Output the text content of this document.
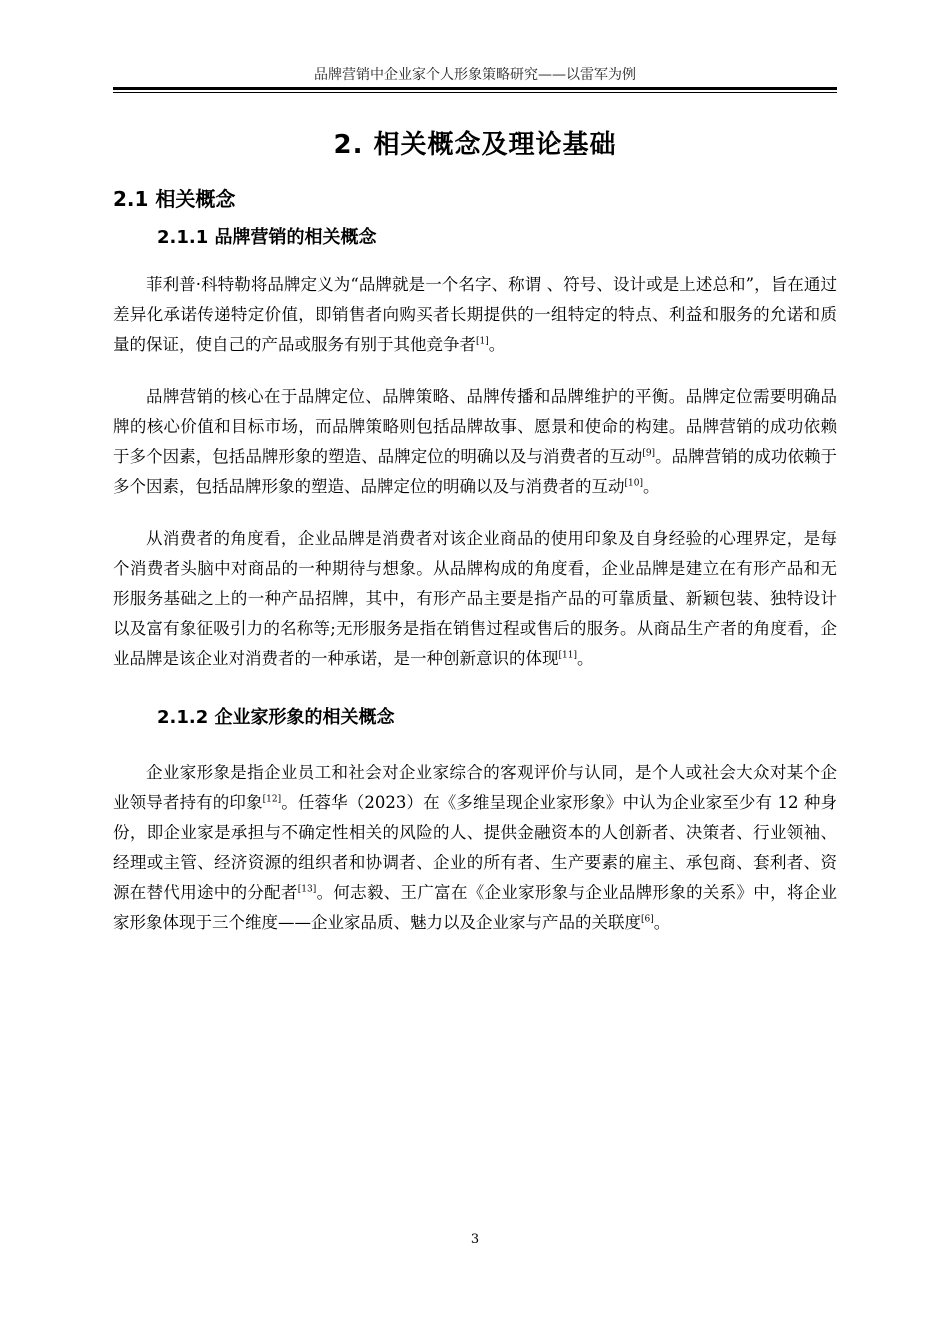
品牌营销中企业家个人形象策略研究——以雷军为例
2. 相关概念及理论基础
2.1 相关概念
2.1.1 品牌营销的相关概念

菲利普·科特勒将品牌定义为“品牌就是一个名字、称谓 、符号、设计或是上述总和”，旨在通过差异化承诺传递特定价值，即销售者向购买者长期提供的一组特定的特点、利益和服务的允诺和质量的保证，使自己的产品或服务有别于其他竞争者[1]。

品牌营销的核心在于品牌定位、品牌策略、品牌传播和品牌维护的平衡。品牌定位需要明确品牌的核心价值和目标市场，而品牌策略则包括品牌故事、愿景和使命的构建。品牌营销的成功依赖于多个因素，包括品牌形象的塑造、品牌定位的明确以及与消费者的互动[9]。品牌营销的成功依赖于多个因素，包括品牌形象的塑造、品牌定位的明确以及与消费者的互动[10]。

从消费者的角度看，企业品牌是消费者对该企业商品的使用印象及自身经验的心理界定，是每个消费者头脑中对商品的一种期待与想象。从品牌构成的角度看，企业品牌是建立在有形产品和无形服务基础之上的一种产品招牌，其中，有形产品主要是指产品的可靠质量、新颖包装、独特设计以及富有象征吸引力的名称等;无形服务是指在销售过程或售后的服务。从商品生产者的角度看，企业品牌是该企业对消费者的一种承诺，是一种创新意识的体现[11]。

2.1.2 企业家形象的相关概念

企业家形象是指企业员工和社会对企业家综合的客观评价与认同，是个人或社会大众对某个企业领导者持有的印象[12]。任蓉华（2023）在《多维呈现企业家形象》中认为企业家至少有 12 种身份，即企业家是承担与不确定性相关的风险的人、提供金融资本的人创新者、决策者、行业领袖、经理或主管、经济资源的组织者和协调者、企业的所有者、生产要素的雇主、承包商、套利者、资源在替代用途中的分配者[13]。何志毅、王广富在《企业家形象与企业品牌形象的关系》中，将企业家形象体现于三个维度——企业家品质、魅力以及企业家与产品的关联度[6]。

3
